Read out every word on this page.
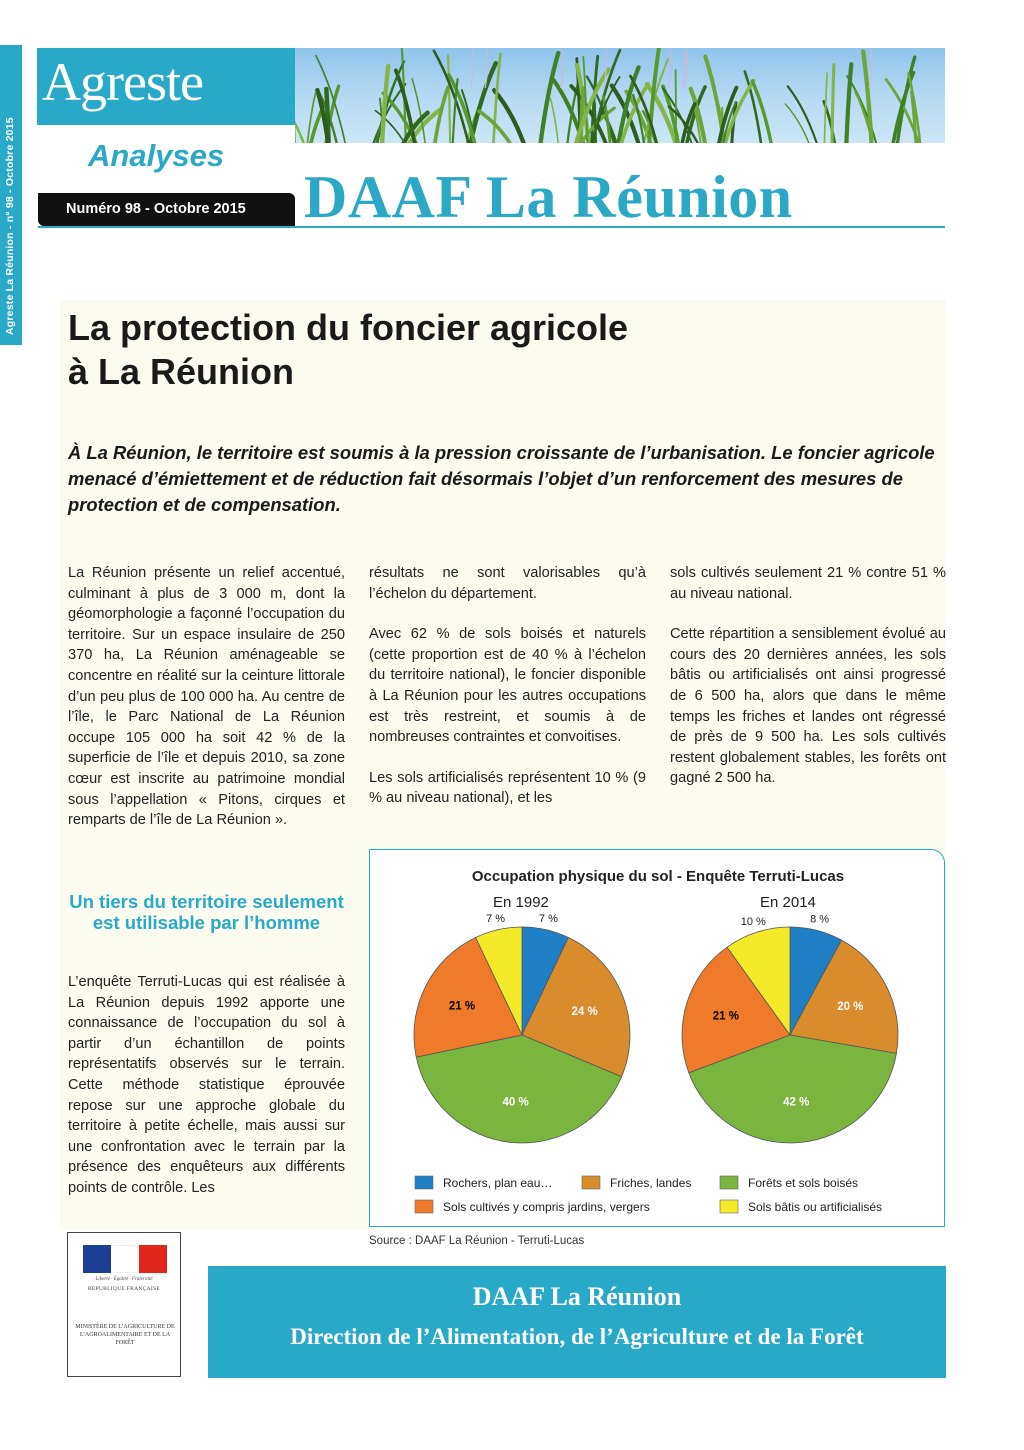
Agreste La Réunion - n° 98 - Octobre 2015
Agreste
Analyses
Numéro 98 - Octobre 2015 DAAF La Réunion
La protection du foncier agricole
à La Réunion
À La Réunion, le territoire est soumis à la pression croissante de l’urbanisation. Le foncier agricole menacé d’émiettement et de réduction fait désormais l’objet d’un renforcement des mesures de protection et de compensation.

La Réunion présente un relief accentué, culminant à plus de 3 000 m, dont la géomorphologie a façonné l’occupation du territoire. Sur un espace insulaire de 250 370 ha, La Réunion aménageable se concentre en réalité sur la ceinture littorale d’un peu plus de 100 000 ha. Au centre de l’île, le Parc National de La Réunion occupe 105 000 ha soit 42 % de la superficie de l’île et depuis 2010, sa zone cœur est inscrite au patrimoine mondial sous l’appellation « Pitons, cirques et remparts de l’île de La Réunion ».

Un tiers du territoire seulement est utilisable par l’homme

L’enquête Terruti-Lucas qui est réalisée à La Réunion depuis 1992 apporte une connaissance de l’occupation du sol à partir d’un échantillon de points représentatifs observés sur le terrain. Cette méthode statistique éprouvée repose sur une approche globale du territoire à petite échelle, mais aussi sur une confrontation avec le terrain par la présence des enquêteurs aux différents points de contrôle. Les

résultats ne sont valorisables qu’à l’échelon du département.

Avec 62 % de sols boisés et naturels (cette proportion est de 40 % à l’échelon du territoire national), le foncier disponible à La Réunion pour les autres occupations est très restreint, et soumis à de nombreuses contraintes et convoitises.

Les sols artificialisés représentent 10 % (9 % au niveau national), et les

sols cultivés seulement 21 % contre 51 % au niveau national.

Cette répartition a sensiblement évolué au cours des 20 dernières années, les sols bâtis ou artificialisés ont ainsi progressé de 6 500 ha, alors que dans le même temps les friches et landes ont régressé de près de 9 500 ha. Les sols cultivés restent globalement stables, les forêts ont gagné 2 500 ha.

Occupation physique du sol - Enquête Terruti-Lucas
En 1992	En 2014
7 %
24 %
40 %
21 %
7 %	8 %
20 %
42 %
21 %
10 %
Rochers, plan eau…	Friches, landes	Forêts et sols boisés
Sols cultivés y compris jardins, vergers	Sols bâtis ou artificialisés
Source : DAAF La Réunion - Terruti-Lucas
Liberté · Égalité · Fraternité
RÉPUBLIQUE FRANÇAISE
MINISTÈRE DE L’AGRICULTURE DE L’AGROALIMENTAIRE ET DE LA FORÊT
DAAF La Réunion
Direction de l’Alimentation, de l’Agriculture et de la Forêt
